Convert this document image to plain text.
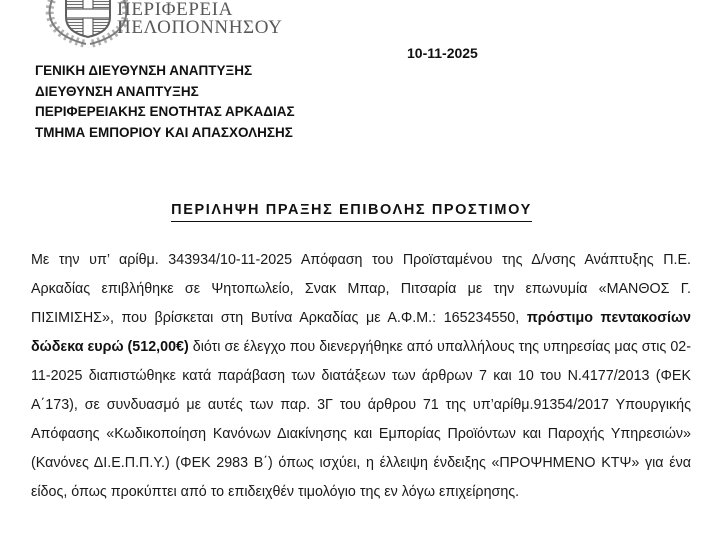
ΠΕΡΙΦΕΡΕΙΑ
ΠΕΛΟΠΟΝΝΗΣΟΥ
10-11-2025
ΓΕΝΙΚΗ ΔΙΕΥΘΥΝΣΗ ΑΝΑΠΤΥΞΗΣ
ΔΙΕΥΘΥΝΣΗ ΑΝΑΠΤΥΞΗΣ
ΠΕΡΙΦΕΡΕΙΑΚΗΣ ΕΝΟΤΗΤΑΣ ΑΡΚΑΔΙΑΣ
ΤΜΗΜΑ ΕΜΠΟΡΙΟΥ ΚΑΙ ΑΠΑΣΧΟΛΗΣΗΣ
ΠΕΡΙΛΗΨΗ ΠΡΑΞΗΣ ΕΠΙΒΟΛΗΣ ΠΡΟΣΤΙΜΟΥ

Με την υπ’ αρίθμ. 343934/10-11-2025 Απόφαση του Προϊσταμένου της Δ/νσης Ανάπτυξης Π.Ε. Αρκαδίας επιβλήθηκε σε Ψητοπωλείο, Σνακ Μπαρ, Πιτσαρία με την επωνυμία «ΜΑΝΘΟΣ Γ. ΠΙΣΙΜΙΣΗΣ», που βρίσκεται στη Βυτίνα Αρκαδίας με Α.Φ.Μ.: 165234550, πρόστιμο πεντακοσίων δώδεκα ευρώ (512,00€) διότι σε έλεγχο που διενεργήθηκε από υπαλλήλους της υπηρεσίας μας στις 02-11-2025 διαπιστώθηκε κατά παράβαση των διατάξεων των άρθρων 7 και 10 του Ν.4177/2013 (ΦΕΚ Α΄173), σε συνδυασμό με αυτές των παρ. 3Γ του άρθρου 71 της υπ’αρίθμ.91354/2017 Υπουργικής Απόφασης «Κωδικοποίηση Κανόνων Διακίνησης και Εμπορίας Προϊόντων και Παροχής Υπηρεσιών» (Κανόνες ΔΙ.Ε.Π.Π.Υ.) (ΦΕΚ 2983 Β΄) όπως ισχύει, η έλλειψη ένδειξης «ΠΡΟΨΗΜΕΝΟ ΚΤΨ» για ένα είδος, όπως προκύπτει από το επιδειχθέν τιμολόγιο της εν λόγω επιχείρησης.
